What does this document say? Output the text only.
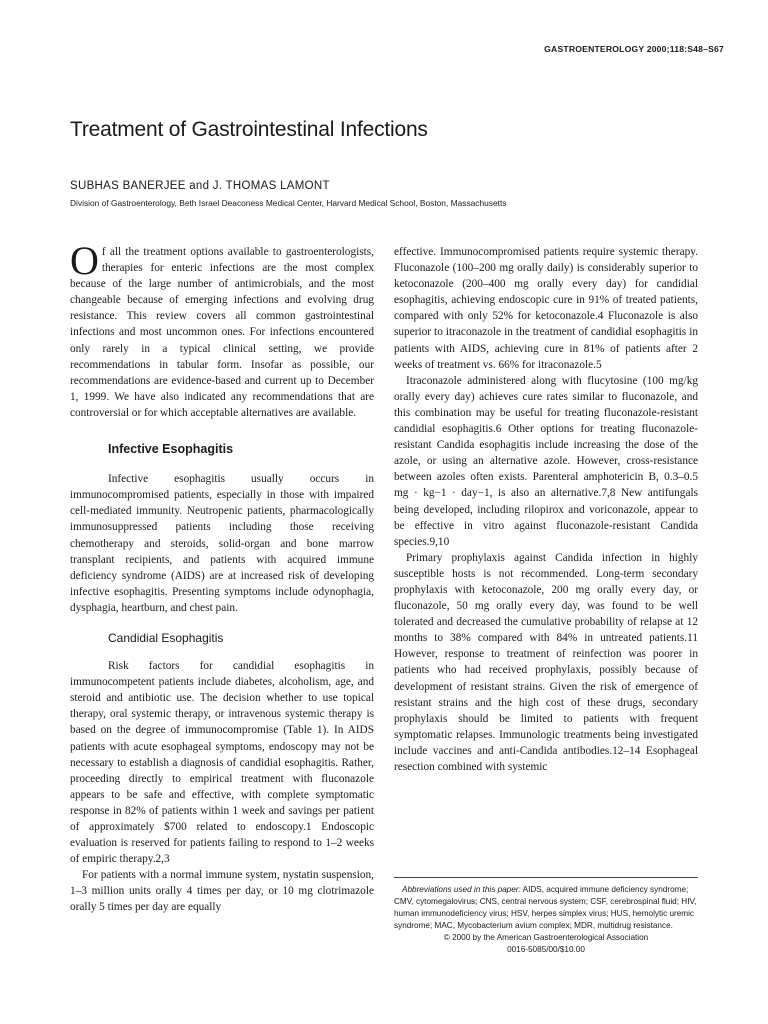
GASTROENTEROLOGY 2000;118:S48–S67
Treatment of Gastrointestinal Infections
SUBHAS BANERJEE and J. THOMAS LAMONT
Division of Gastroenterology, Beth Israel Deaconess Medical Center, Harvard Medical School, Boston, Massachusetts

Of all the treatment options available to gastroenterologists, therapies for enteric infections are the most complex because of the large number of antimicrobials, and the most changeable because of emerging infections and evolving drug resistance. This review covers all common gastrointestinal infections and most uncommon ones. For infections encountered only rarely in a typical clinical setting, we provide recommendations in tabular form. Insofar as possible, our recommendations are evidence-based and current up to December 1, 1999. We have also indicated any recommendations that are controversial or for which acceptable alternatives are available.

Infective Esophagitis

Infective esophagitis usually occurs in immunocompromised patients, especially in those with impaired cell-mediated immunity. Neutropenic patients, pharmacologically immunosuppressed patients including those receiving chemotherapy and steroids, solid-organ and bone marrow transplant recipients, and patients with acquired immune deficiency syndrome (AIDS) are at increased risk of developing infective esophagitis. Presenting symptoms include odynophagia, dysphagia, heartburn, and chest pain.

Candidial Esophagitis

Risk factors for candidial esophagitis in immunocompetent patients include diabetes, alcoholism, age, and steroid and antibiotic use. The decision whether to use topical therapy, oral systemic therapy, or intravenous systemic therapy is based on the degree of immunocompromise (Table 1). In AIDS patients with acute esophageal symptoms, endoscopy may not be necessary to establish a diagnosis of candidial esophagitis. Rather, proceeding directly to empirical treatment with fluconazole appears to be safe and effective, with complete symptomatic response in 82% of patients within 1 week and savings per patient of approximately $700 related to endoscopy.1 Endoscopic evaluation is reserved for patients failing to respond to 1–2 weeks of empiric therapy.2,3

For patients with a normal immune system, nystatin suspension, 1–3 million units orally 4 times per day, or 10 mg clotrimazole orally 5 times per day are equally

effective. Immunocompromised patients require systemic therapy. Fluconazole (100–200 mg orally daily) is considerably superior to ketoconazole (200–400 mg orally every day) for candidial esophagitis, achieving endoscopic cure in 91% of treated patients, compared with only 52% for ketoconazole.4 Fluconazole is also superior to itraconazole in the treatment of candidial esophagitis in patients with AIDS, achieving cure in 81% of patients after 2 weeks of treatment vs. 66% for itraconazole.5

Itraconazole administered along with flucytosine (100 mg/kg orally every day) achieves cure rates similar to fluconazole, and this combination may be useful for treating fluconazole-resistant candidial esophagitis.6 Other options for treating fluconazole-resistant Candida esophagitis include increasing the dose of the azole, or using an alternative azole. However, cross-resistance between azoles often exists. Parenteral amphotericin B, 0.3–0.5 mg · kg−1 · day−1, is also an alternative.7,8 New antifungals being developed, including rilopirox and voriconazole, appear to be effective in vitro against fluconazole-resistant Candida species.9,10

Primary prophylaxis against Candida infection in highly susceptible hosts is not recommended. Long-term secondary prophylaxis with ketoconazole, 200 mg orally every day, or fluconazole, 50 mg orally every day, was found to be well tolerated and decreased the cumulative probability of relapse at 12 months to 38% compared with 84% in untreated patients.11 However, response to treatment of reinfection was poorer in patients who had received prophylaxis, possibly because of development of resistant strains. Given the risk of emergence of resistant strains and the high cost of these drugs, secondary prophylaxis should be limited to patients with frequent symptomatic relapses. Immunologic treatments being investigated include vaccines and anti-Candida antibodies.12–14 Esophageal resection combined with systemic

Abbreviations used in this paper: AIDS, acquired immune deficiency syndrome; CMV, cytomegalovirus; CNS, central nervous system; CSF, cerebrospinal fluid; HIV, human immunodeficiency virus; HSV, herpes simplex virus; HUS, hemolytic uremic syndrome; MAC, Mycobacterium avium complex; MDR, multidrug resistance.

© 2000 by the American Gastroenterological Association

0016-5085/00/$10.00
